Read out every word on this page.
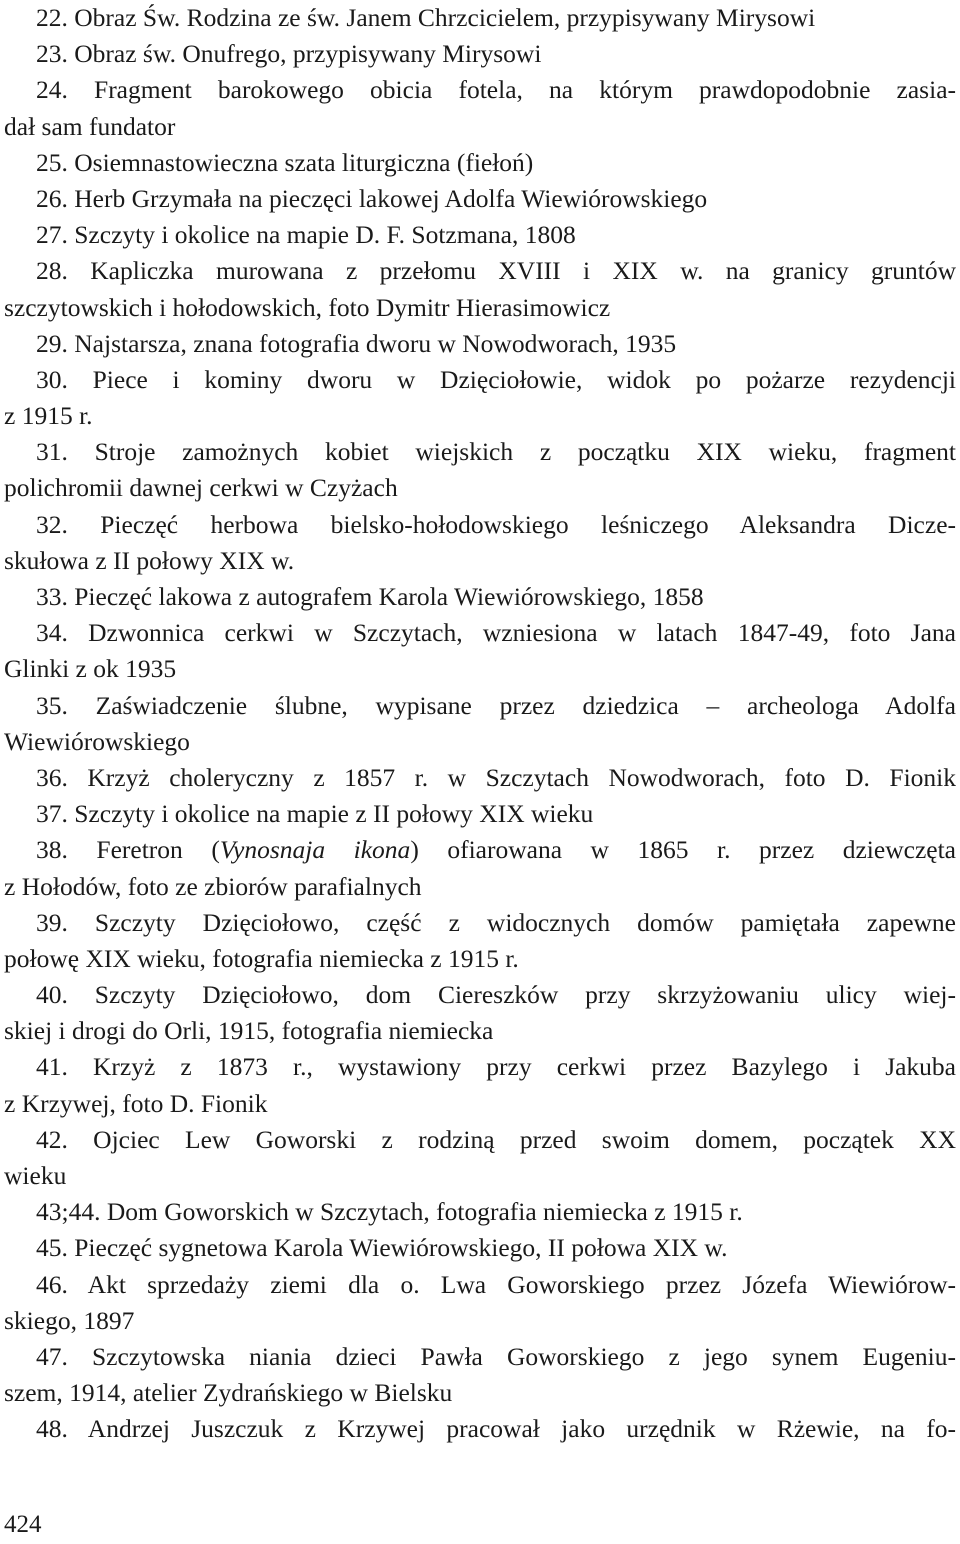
22. Obraz Św. Rodzina ze św. Janem Chrzcicielem, przypisywany Mirysowi
23. Obraz św. Onufrego, przypisywany Mirysowi
24. Fragment barokowego obicia fotela, na którym prawdopodobnie zasia-
dał sam fundator
25. Osiemnastowieczna szata liturgiczna (fiełoń)
26. Herb Grzymała na pieczęci lakowej Adolfa Wiewiórowskiego
27. Szczyty i okolice na mapie D. F. Sotzmana, 1808
28. Kapliczka murowana z przełomu XVIII i XIX w. na granicy gruntów
szczytowskich i hołodowskich, foto Dymitr Hierasimowicz
29. Najstarsza, znana fotografia dworu w Nowodworach, 1935
30. Piece i kominy dworu w Dzięciołowie, widok po pożarze rezydencji
z 1915 r.
31. Stroje zamożnych kobiet wiejskich z początku XIX wieku, fragment
polichromii dawnej cerkwi w Czyżach
32. Pieczęć herbowa bielsko-hołodowskiego leśniczego Aleksandra Dicze-
skułowa z II połowy XIX w.
33. Pieczęć lakowa z autografem Karola Wiewiórowskiego, 1858
34. Dzwonnica cerkwi w Szczytach, wzniesiona w latach 1847-49, foto Jana
Glinki z ok 1935
35. Zaświadczenie ślubne, wypisane przez dziedzica – archeologa Adolfa
Wiewiórowskiego
36. Krzyż choleryczny z 1857 r. w Szczytach Nowodworach, foto D. Fionik
37. Szczyty i okolice na mapie z II połowy XIX wieku
38. Feretron (Vynosnaja ikona) ofiarowana w 1865 r. przez dziewczęta
z Hołodów, foto ze zbiorów parafialnych
39. Szczyty Dzięciołowo, część z widocznych domów pamiętała zapewne
połowę XIX wieku, fotografia niemiecka z 1915 r.
40. Szczyty Dzięciołowo, dom Ciereszków przy skrzyżowaniu ulicy wiej-
skiej i drogi do Orli, 1915, fotografia niemiecka
41. Krzyż z 1873 r., wystawiony przy cerkwi przez Bazylego i Jakuba
z Krzywej, foto D. Fionik
42. Ojciec Lew Goworski z rodziną przed swoim domem, początek XX
wieku
43;44. Dom Goworskich w Szczytach, fotografia niemiecka z 1915 r.
45. Pieczęć sygnetowa Karola Wiewiórowskiego, II połowa XIX w.
46. Akt sprzedaży ziemi dla o. Lwa Goworskiego przez Józefa Wiewiórow-
skiego, 1897
47. Szczytowska niania dzieci Pawła Goworskiego z jego synem Eugeniu-
szem, 1914, atelier Zydrańskiego w Bielsku
48. Andrzej Juszczuk z Krzywej pracował jako urzędnik w Rżewie, na fo-
424
